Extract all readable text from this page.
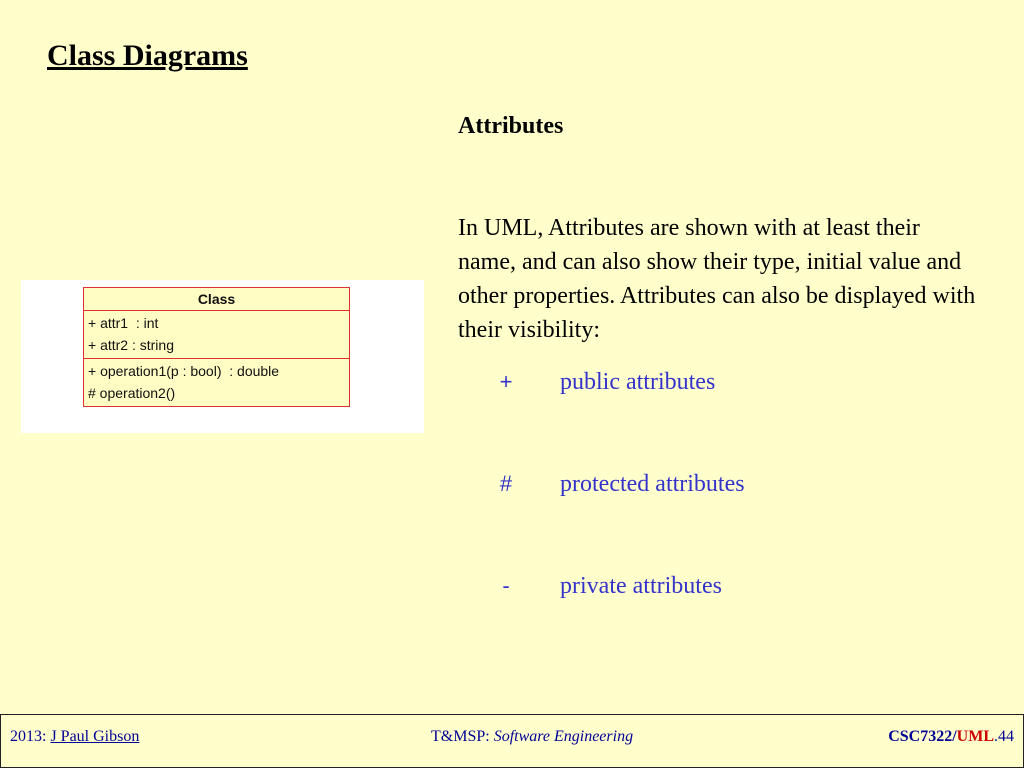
Class Diagrams
Class
+ attr1  : int
+ attr2 : string
+ operation1(p : bool)  : double
# operation2()
Attributes

In UML, Attributes are shown with at least their name, and can also show their type, initial value and other properties. Attributes can also be displayed with their visibility:

+	public attributes
#	protected attributes
-	private attributes
2013: J Paul Gibson	T&MSP: Software Engineering	CSC7322/UML.44
